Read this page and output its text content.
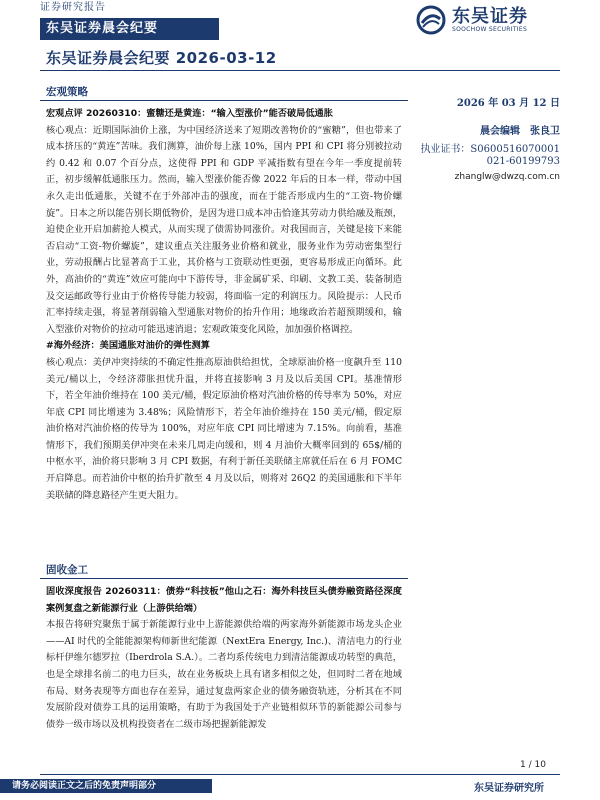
证券研究报告	东吴证券
SOOCHOW SECURITIES
东吴证券晨会纪要
东吴证券晨会纪要 2026-03-12
宏观策略

宏观点评 20260310：蜜糖还是黄连：“输入型涨价”能否破局低通胀

核心观点：近期国际油价上涨，为中国经济送来了短期改善物价的“蜜糖”，但也带来了成本挤压的“黄连”苦味。我们测算，油价每上涨 10%，国内 PPI 和 CPI 将分别被拉动约 0.42 和 0.07 个百分点，这使得 PPI 和 GDP 平减指数有望在今年一季度提前转正，初步缓解低通胀压力。然而，输入型涨价能否像 2022 年后的日本一样，带动中国永久走出低通胀，关键不在于外部冲击的强度，而在于能否形成内生的“工资-物价螺旋”。日本之所以能告别长期低物价，是因为进口成本冲击恰逢其劳动力供给融及瓶颈，迫使企业开启加薪抢人模式，从而实现了债需协同涨价。对我国而言，关键是接下来能否启动“工资-物价螺旋”，建议重点关注服务业价格和就业，服务业作为劳动密集型行业，劳动报酬占比显著高于工业，其价格与工资联动性更强，更容易形成正向循环。此外，高油价的“黄连”效应可能向中下游传导，非金属矿采、印刷、文教工美、装备制造及交运邮政等行业由于价格传导能力较弱，将面临一定的利润压力。风险提示：人民币汇率持续走强，将显著削弱输入型通胀对物价的抬升作用；地缘政治若超预期缓和，输入型涨价对物价的拉动可能迅速消退；宏观政策变化风险，加加强价格调控。

#海外经济：美国通胀对油价的弹性测算

核心观点：美伊冲突持续的不确定性推高原油供给担忧，全球原油价格一度飙升至 110 美元/桶以上，令经济滞胀担忧升温，并将直接影响 3 月及以后美国 CPI。基准情形下，若全年油价维持在 100 美元/桶，假定原油价格对汽油价格的传导率为 50%，对应年底 CPI 同比增速为 3.48%；风险情形下，若全年油价维持在 150 美元/桶，假定原油价格对汽油价格的传导为 100%，对应年底 CPI 同比增速为 7.15%。向前看，基准情形下，我们预期美伊冲突在未来几周走向缓和，则 4 月油价大概率回到的 65$/桶的中枢水平，油价将只影响 3 月 CPI 数据，有利于新任美联储主席就任后在 6 月 FOMC 开启降息。而若油价中枢的抬升扩散至 4 月及以后，则将对 26Q2 的美国通胀和下半年美联储的降息路径产生更大阻力。

固收金工

固收深度报告 20260311：债券“科技板”他山之石：海外科技巨头债券融资路径深度案例复盘之新能源行业（上游供给端）

本报告将研究聚焦于属于新能源行业中上游能源供给端的两家海外新能源市场龙头企业——AI 时代的全能能源架构师新世纪能源（NextEra Energy, Inc.)、清洁电力的行业标杆伊维尔德罗拉（Iberdrola S.A.）。二者均系传统电力到清洁能源成功转型的典范，也是全球排名前二的电力巨头，故在业务板块上具有诸多相似之处，但同时二者在地域布局、财务表现等方面也存在差异，通过复盘两家企业的债务融资轨迹，分析其在不同发展阶段对债券工具的运用策略，有助于为我国处于产业链相似环节的新能源公司参与债券一级市场以及机构投资者在二级市场把握新能源发

2026 年 03 月 12 日
晨会编辑　张良卫
执业证书：S0600516070001
021-60199793
zhanglw@dwzq.com.cn
1 / 10
请务必阅读正文之后的免责声明部分	东吴证券研究所
